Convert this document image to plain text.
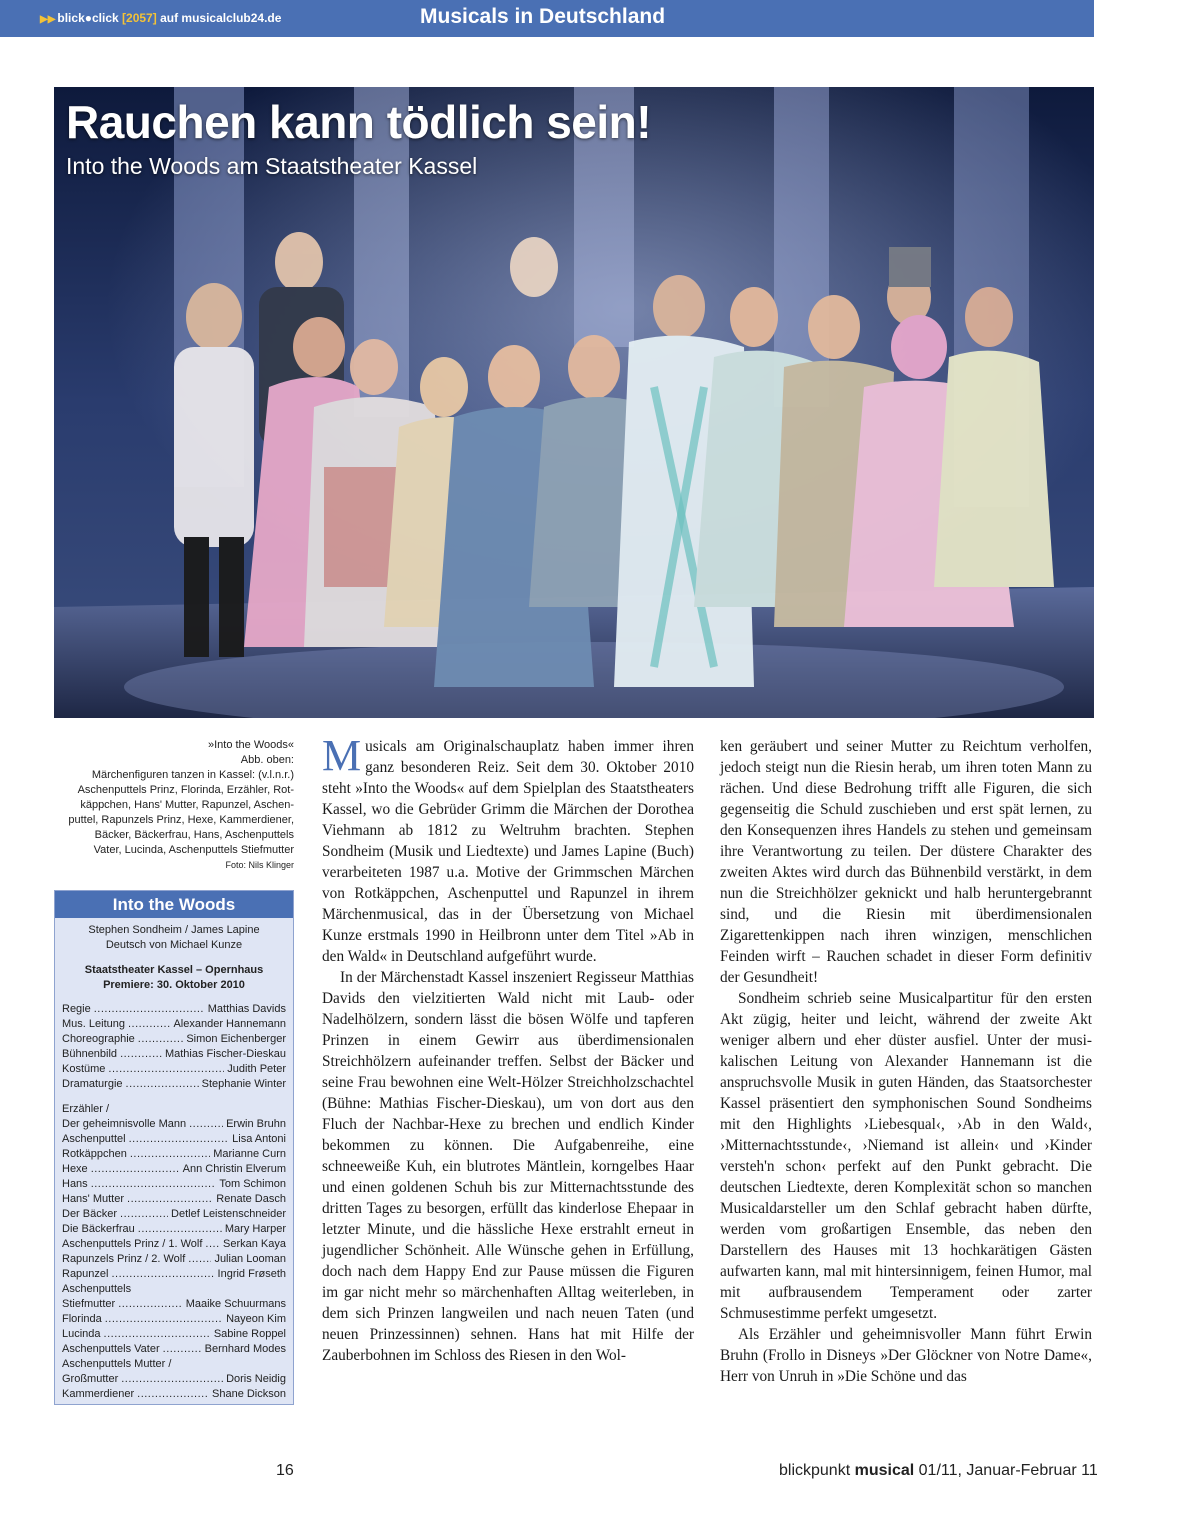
▶▶ blick●click [2057] auf musicalclub24.de	Musicals in Deutschland
Rauchen kann tödlich sein!
Into the Woods am Staatstheater Kassel
»Into the Woods«
Abb. oben:
Märchenfiguren tanzen in Kassel: (v.l.n.r.)
Aschenputtels Prinz, Florinda, Erzähler, Rot-
käppchen, Hans' Mutter, Rapunzel, Aschen-
puttel, Rapunzels Prinz, Hexe, Kammerdiener,
Bäcker, Bäckerfrau, Hans, Aschenputtels
Vater, Lucinda, Aschenputtels Stiefmutter
Foto: Nils Klinger
Into the Woods
Stephen Sondheim / James Lapine
Deutsch von Michael Kunze
Staatstheater Kassel – Opernhaus
Premiere: 30. Oktober 2010
Regie .....	Matthias Davids
Mus. Leitung .....	Alexander Hannemann
Choreographie .....	Simon Eichenberger
Bühnenbild .....	Mathias Fischer-Dieskau
Kostüme .....	Judith Peter
Dramaturgie .....	Stephanie Winter
Erzähler /
Der geheimnisvolle Mann .....	Erwin Bruhn
Aschenputtel .....	Lisa Antoni
Rotkäppchen .....	Marianne Curn
Hexe .....	Ann Christin Elverum
Hans .....	Tom Schimon
Hans' Mutter .....	Renate Dasch
Der Bäcker .....	Detlef Leistenschneider
Die Bäckerfrau .....	Mary Harper
Aschenputtels Prinz / 1. Wolf ..... Serkan Kaya
Rapunzels Prinz / 2. Wolf .....	Julian Looman
Rapunzel .....	Ingrid Frøseth
Aschenputtels
Stiefmutter .....	Maaike Schuurmans
Florinda .....	Nayeon Kim
Lucinda .....	Sabine Roppel
Aschenputtels Vater .....	Bernhard Modes
Aschenputtels Mutter /
Großmutter .....	Doris Neidig
Kammerdiener .....	Shane Dickson

Musicals am Originalschauplatz haben immer ihren ganz besonderen Reiz. Seit dem 30. Oktober 2010 steht »Into the Woods« auf dem Spielplan des Staatstheaters Kassel, wo die Gebrüder Grimm die Märchen der Dorothea Viehmann ab 1812 zu Weltruhm brachten. Stephen Sondheim (Musik und Liedtexte) und James Lapine (Buch) verarbeiteten 1987 u.a. Motive der Grimmschen Märchen von Rotkäppchen, Aschenputtel und Rapunzel in ihrem Märchenmusical, das in der Übersetzung von Michael Kunze erstmals 1990 in Heilbronn unter dem Titel »Ab in den Wald« in Deutschland aufgeführt wurde.

In der Märchenstadt Kassel inszeniert Regisseur Matthias Davids den vielzitierten Wald nicht mit Laub- oder Nadelhölzern, sondern lässt die bösen Wölfe und tapferen Prinzen in einem Gewirr aus überdimensionalen Streichhölzern aufeinander treffen. Selbst der Bäcker und seine Frau bewohnen eine Welt-Hölzer Streichholzschachtel (Bühne: Mathias Fischer-Dieskau), um von dort aus den Fluch der Nachbar-Hexe zu brechen und endlich Kinder bekommen zu können. Die Aufgabenreihe, eine schneeweiße Kuh, ein blutrotes Mäntlein, korngelbes Haar und einen goldenen Schuh bis zur Mitternachtsstunde des dritten Tages zu besorgen, erfüllt das kinderlose Ehepaar in letzter Minute, und die hässliche Hexe erstrahlt erneut in jugendlicher Schönheit. Alle Wünsche gehen in Erfüllung, doch nach dem Happy End zur Pause müssen die Figuren im gar nicht mehr so märchenhaften Alltag weiterleben, in dem sich Prinzen langweilen und nach neuen Taten (und neuen Prinzessinnen) sehnen. Hans hat mit Hilfe der Zauberbohnen im Schloss des Riesen in den Wol-

ken geräubert und seiner Mutter zu Reichtum verholfen, jedoch steigt nun die Riesin herab, um ihren toten Mann zu rächen. Und diese Bedrohung trifft alle Figuren, die sich gegenseitig die Schuld zuschieben und erst spät lernen, zu den Konsequenzen ihres Handels zu stehen und gemeinsam ihre Verantwortung zu teilen. Der düstere Charakter des zweiten Aktes wird durch das Bühnenbild verstärkt, in dem nun die Streichhölzer geknickt und halb heruntergebrannt sind, und die Riesin mit überdimensionalen Zigarettenkippen nach ihren winzigen, menschlichen Feinden wirft – Rauchen schadet in dieser Form definitiv der Gesundheit!

Sondheim schrieb seine Musicalpartitur für den ersten Akt zügig, heiter und leicht, während der zweite Akt weniger albern und eher düster ausfiel. Unter der musikalischen Leitung von Alexander Hannemann ist die anspruchsvolle Musik in guten Händen, das Staatsorchester Kassel präsentiert den symphonischen Sound Sondheims mit den Highlights ›Liebesqual‹, ›Ab in den Wald‹, ›Mitternachtsstunde‹, ›Niemand ist allein‹ und ›Kinder versteh'n schon‹ perfekt auf den Punkt gebracht. Die deutschen Liedtexte, deren Komplexität schon so manchen Musicaldarsteller um den Schlaf gebracht haben dürfte, werden vom großartigen Ensemble, das neben den Darstellern des Hauses mit 13 hochkarätigen Gästen aufwarten kann, mal mit hintersinnigem, feinen Humor, mal mit aufbrausendem Temperament oder zarter Schmusestimme perfekt umgesetzt.

Als Erzähler und geheimnisvoller Mann führt Erwin Bruhn (Frollo in Disneys »Der Glöckner von Notre Dame«, Herr von Unruh in »Die Schöne und das

16	blickpunkt musical 01/11, Januar-Februar 11
